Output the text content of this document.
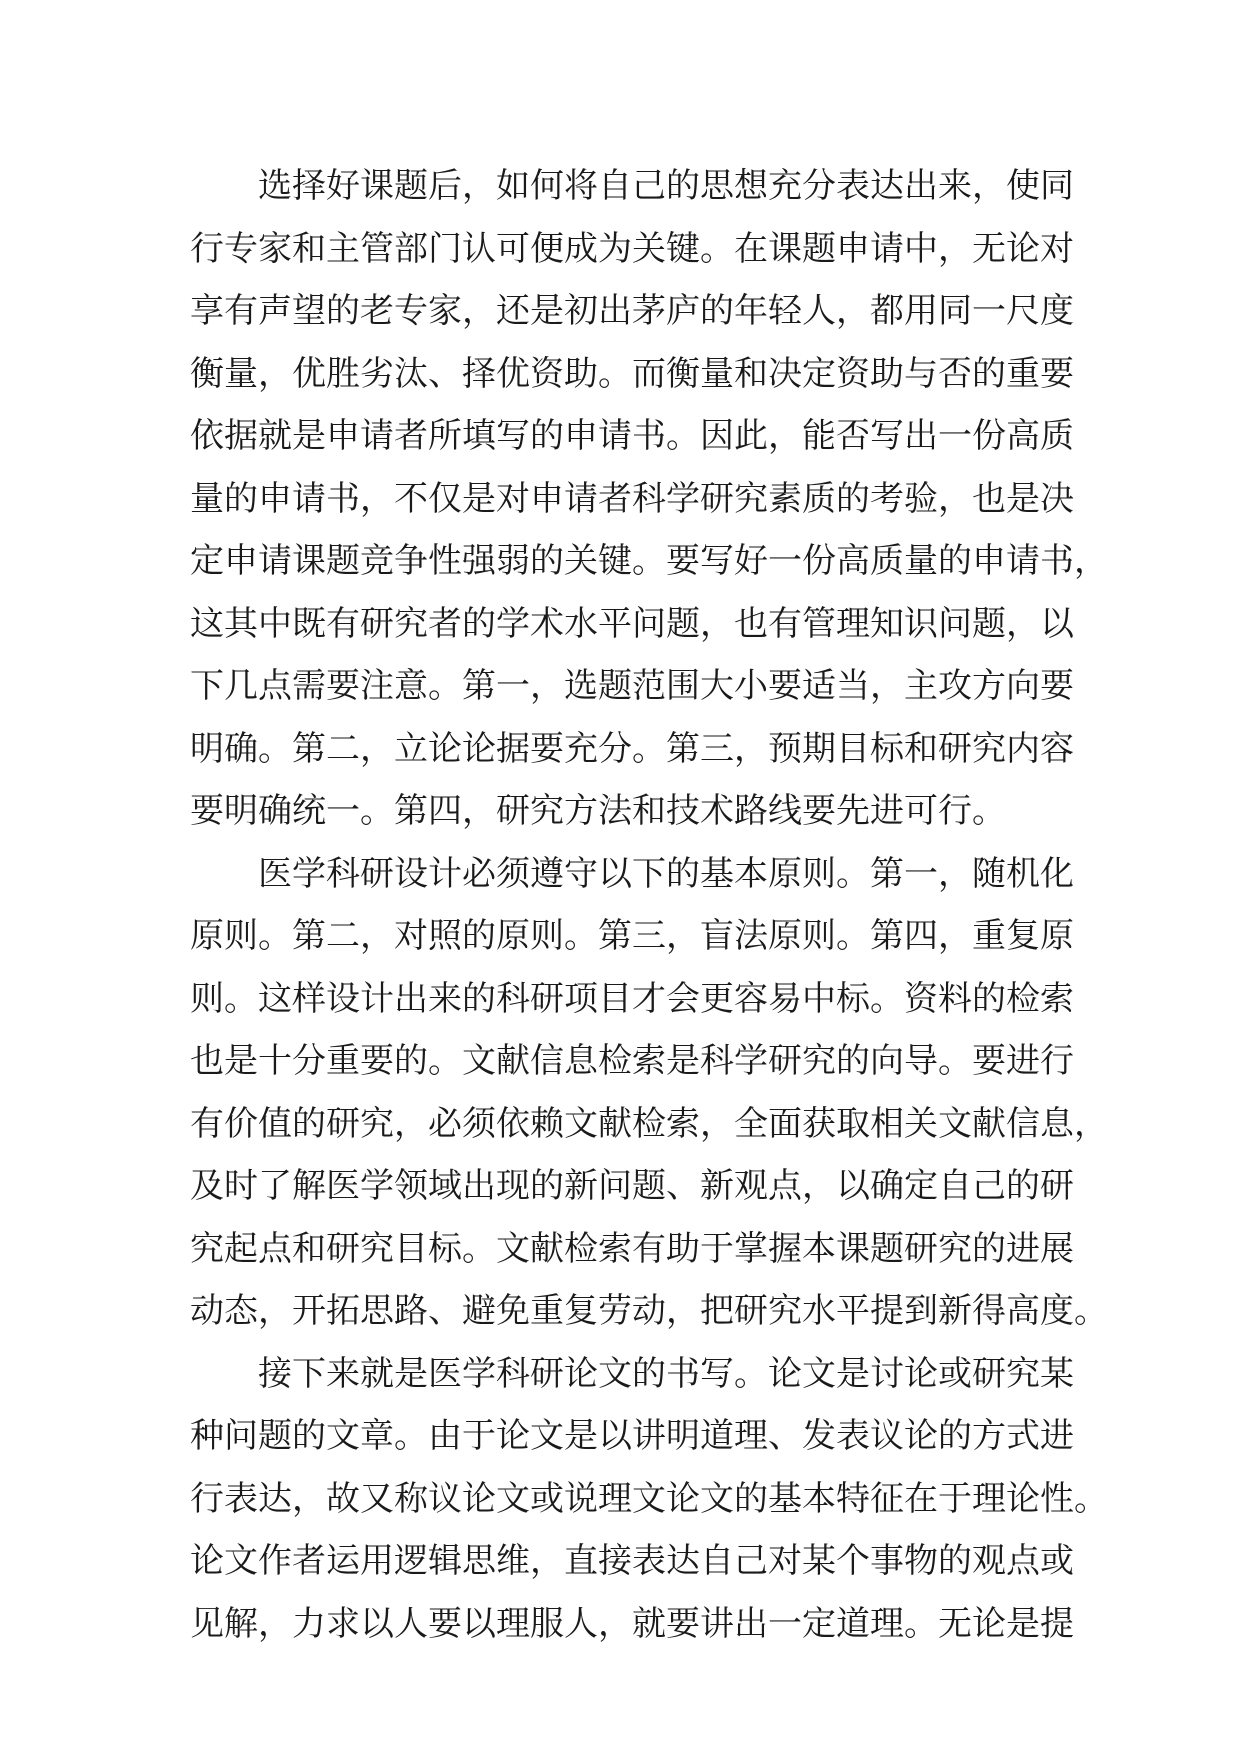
选择好课题后，如何将自己的思想充分表达出来，使同
行专家和主管部门认可便成为关键。在课题申请中，无论对
享有声望的老专家，还是初出茅庐的年轻人，都用同一尺度
衡量，优胜劣汰、择优资助。而衡量和决定资助与否的重要
依据就是申请者所填写的申请书。因此，能否写出一份高质
量的申请书，不仅是对申请者科学研究素质的考验，也是决
定申请课题竞争性强弱的关键。要写好一份高质量的申请书，
这其中既有研究者的学术水平问题，也有管理知识问题，以
下几点需要注意。第一，选题范围大小要适当，主攻方向要
明确。第二，立论论据要充分。第三，预期目标和研究内容
要明确统一。第四，研究方法和技术路线要先进可行。
医学科研设计必须遵守以下的基本原则。第一，随机化
原则。第二，对照的原则。第三，盲法原则。第四，重复原
则。这样设计出来的科研项目才会更容易中标。资料的检索
也是十分重要的。文献信息检索是科学研究的向导。要进行
有价值的研究，必须依赖文献检索，全面获取相关文献信息，
及时了解医学领域出现的新问题、新观点，以确定自己的研
究起点和研究目标。文献检索有助于掌握本课题研究的进展
动态，开拓思路、避免重复劳动，把研究水平提到新得高度。
接下来就是医学科研论文的书写。论文是讨论或研究某
种问题的文章。由于论文是以讲明道理、发表议论的方式进
行表达，故又称议论文或说理文论文的基本特征在于理论性。
论文作者运用逻辑思维，直接表达自己对某个事物的观点或
见解，力求以人要以理服人，就要讲出一定道理。无论是提
